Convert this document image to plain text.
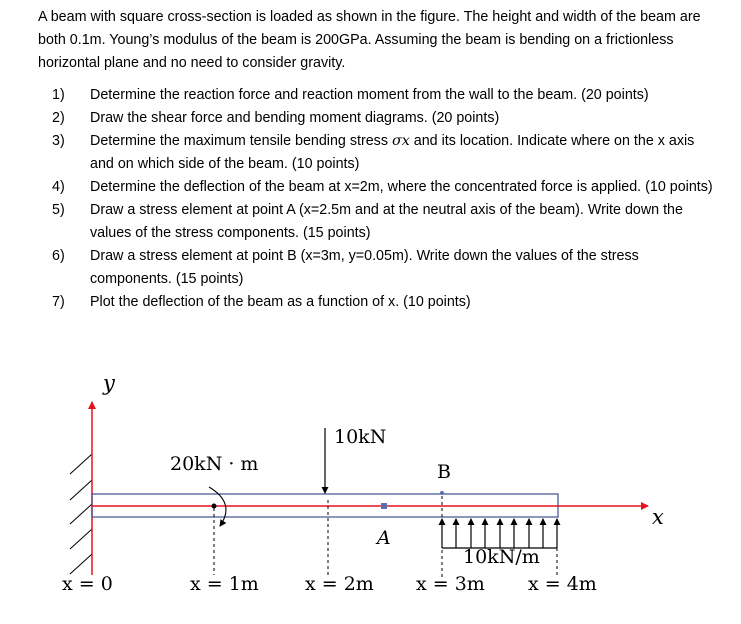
A beam with square cross-section is loaded as shown in the figure. The height and width of the beam are both 0.1m. Young’s modulus of the beam is 200GPa. Assuming the beam is bending on a frictionless horizontal plane and no need to consider gravity.
1) Determine the reaction force and reaction moment from the wall to the beam. (20 points)
2) Draw the shear force and bending moment diagrams. (20 points)
3) Determine the maximum tensile bending stress σx and its location. Indicate where on the x axis and on which side of the beam. (10 points)
4) Determine the deflection of the beam at x=2m, where the concentrated force is applied. (10 points)
5) Draw a stress element at point A (x=2.5m and at the neutral axis of the beam). Write down the values of the stress components. (15 points)
6) Draw a stress element at point B (x=3m, y=0.05m). Write down the values of the stress components. (15 points)
7) Plot the deflection of the beam as a function of x. (10 points)
y
x
10kN
20kN · m	B
A
10kN/m
x = 0	x = 1m x = 2m x = 3m x = 4m
